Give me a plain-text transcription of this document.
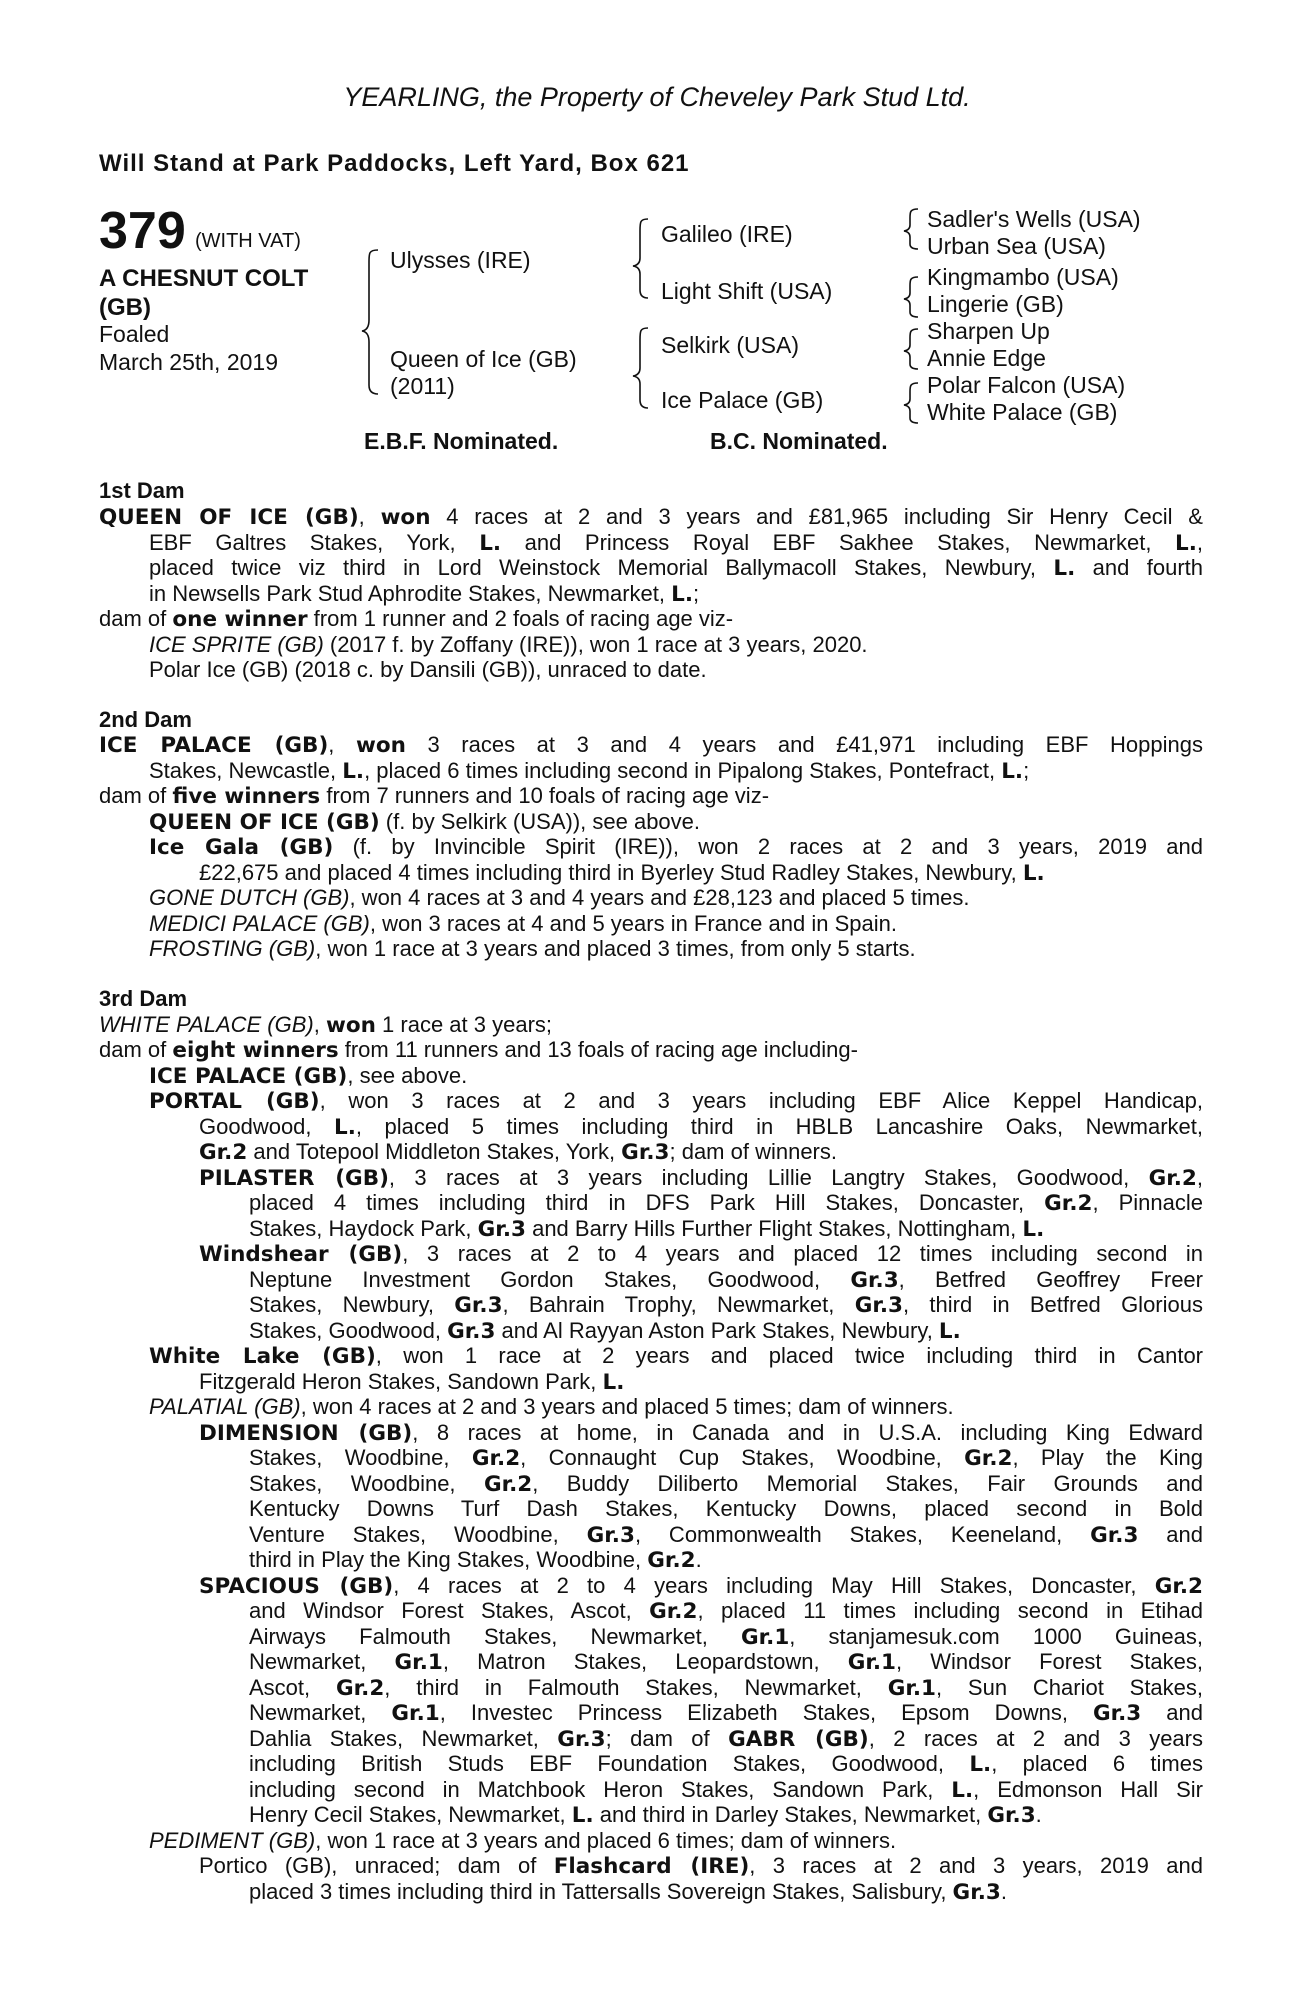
YEARLING, the Property of Cheveley Park Stud Ltd.
Will Stand at Park Paddocks, Left Yard, Box 621
379 (WITH VAT)
A CHESNUT COLT
(GB)
Foaled
March 25th, 2019
Ulysses (IRE)
Queen of Ice (GB)
(2011)
Galileo (IRE)
Light Shift (USA)
Selkirk (USA)
Ice Palace (GB)
Sadler's Wells (USA)
Urban Sea (USA)
Kingmambo (USA)
Lingerie (GB)
Sharpen Up
Annie Edge
Polar Falcon (USA)
White Palace (GB)
E.B.F. Nominated.	B.C. Nominated.
1st Dam
QUEEN OF ICE (GB), won 4 races at 2 and 3 years and £81,965 including Sir Henry Cecil &
EBF Galtres Stakes, York, L. and Princess Royal EBF Sakhee Stakes, Newmarket, L.,
placed twice viz third in Lord Weinstock Memorial Ballymacoll Stakes, Newbury, L. and fourth
in Newsells Park Stud Aphrodite Stakes, Newmarket, L.;
dam of one winner from 1 runner and 2 foals of racing age viz-
ICE SPRITE (GB) (2017 f. by Zoffany (IRE)), won 1 race at 3 years, 2020.
Polar Ice (GB) (2018 c. by Dansili (GB)), unraced to date.
2nd Dam
ICE PALACE (GB), won 3 races at 3 and 4 years and £41,971 including EBF Hoppings
Stakes, Newcastle, L., placed 6 times including second in Pipalong Stakes, Pontefract, L.;
dam of five winners from 7 runners and 10 foals of racing age viz-
QUEEN OF ICE (GB) (f. by Selkirk (USA)), see above.
Ice Gala (GB) (f. by Invincible Spirit (IRE)), won 2 races at 2 and 3 years, 2019 and
£22,675 and placed 4 times including third in Byerley Stud Radley Stakes, Newbury, L.
GONE DUTCH (GB), won 4 races at 3 and 4 years and £28,123 and placed 5 times.
MEDICI PALACE (GB), won 3 races at 4 and 5 years in France and in Spain.
FROSTING (GB), won 1 race at 3 years and placed 3 times, from only 5 starts.
3rd Dam
WHITE PALACE (GB), won 1 race at 3 years;
dam of eight winners from 11 runners and 13 foals of racing age including-
ICE PALACE (GB), see above.
PORTAL (GB), won 3 races at 2 and 3 years including EBF Alice Keppel Handicap,
Goodwood, L., placed 5 times including third in HBLB Lancashire Oaks, Newmarket,
Gr.2 and Totepool Middleton Stakes, York, Gr.3; dam of winners.
PILASTER (GB), 3 races at 3 years including Lillie Langtry Stakes, Goodwood, Gr.2,
placed 4 times including third in DFS Park Hill Stakes, Doncaster, Gr.2, Pinnacle
Stakes, Haydock Park, Gr.3 and Barry Hills Further Flight Stakes, Nottingham, L.
Windshear (GB), 3 races at 2 to 4 years and placed 12 times including second in
Neptune Investment Gordon Stakes, Goodwood, Gr.3, Betfred Geoffrey Freer
Stakes, Newbury, Gr.3, Bahrain Trophy, Newmarket, Gr.3, third in Betfred Glorious
Stakes, Goodwood, Gr.3 and Al Rayyan Aston Park Stakes, Newbury, L.
White Lake (GB), won 1 race at 2 years and placed twice including third in Cantor
Fitzgerald Heron Stakes, Sandown Park, L.
PALATIAL (GB), won 4 races at 2 and 3 years and placed 5 times; dam of winners.
DIMENSION (GB), 8 races at home, in Canada and in U.S.A. including King Edward
Stakes, Woodbine, Gr.2, Connaught Cup Stakes, Woodbine, Gr.2, Play the King
Stakes, Woodbine, Gr.2, Buddy Diliberto Memorial Stakes, Fair Grounds and
Kentucky Downs Turf Dash Stakes, Kentucky Downs, placed second in Bold
Venture Stakes, Woodbine, Gr.3, Commonwealth Stakes, Keeneland, Gr.3 and
third in Play the King Stakes, Woodbine, Gr.2.
SPACIOUS (GB), 4 races at 2 to 4 years including May Hill Stakes, Doncaster, Gr.2
and Windsor Forest Stakes, Ascot, Gr.2, placed 11 times including second in Etihad
Airways Falmouth Stakes, Newmarket, Gr.1, stanjamesuk.com 1000 Guineas,
Newmarket, Gr.1, Matron Stakes, Leopardstown, Gr.1, Windsor Forest Stakes,
Ascot, Gr.2, third in Falmouth Stakes, Newmarket, Gr.1, Sun Chariot Stakes,
Newmarket, Gr.1, Investec Princess Elizabeth Stakes, Epsom Downs, Gr.3 and
Dahlia Stakes, Newmarket, Gr.3; dam of GABR (GB), 2 races at 2 and 3 years
including British Studs EBF Foundation Stakes, Goodwood, L., placed 6 times
including second in Matchbook Heron Stakes, Sandown Park, L., Edmonson Hall Sir
Henry Cecil Stakes, Newmarket, L. and third in Darley Stakes, Newmarket, Gr.3.
PEDIMENT (GB), won 1 race at 3 years and placed 6 times; dam of winners.
Portico (GB), unraced; dam of Flashcard (IRE), 3 races at 2 and 3 years, 2019 and
placed 3 times including third in Tattersalls Sovereign Stakes, Salisbury, Gr.3.
